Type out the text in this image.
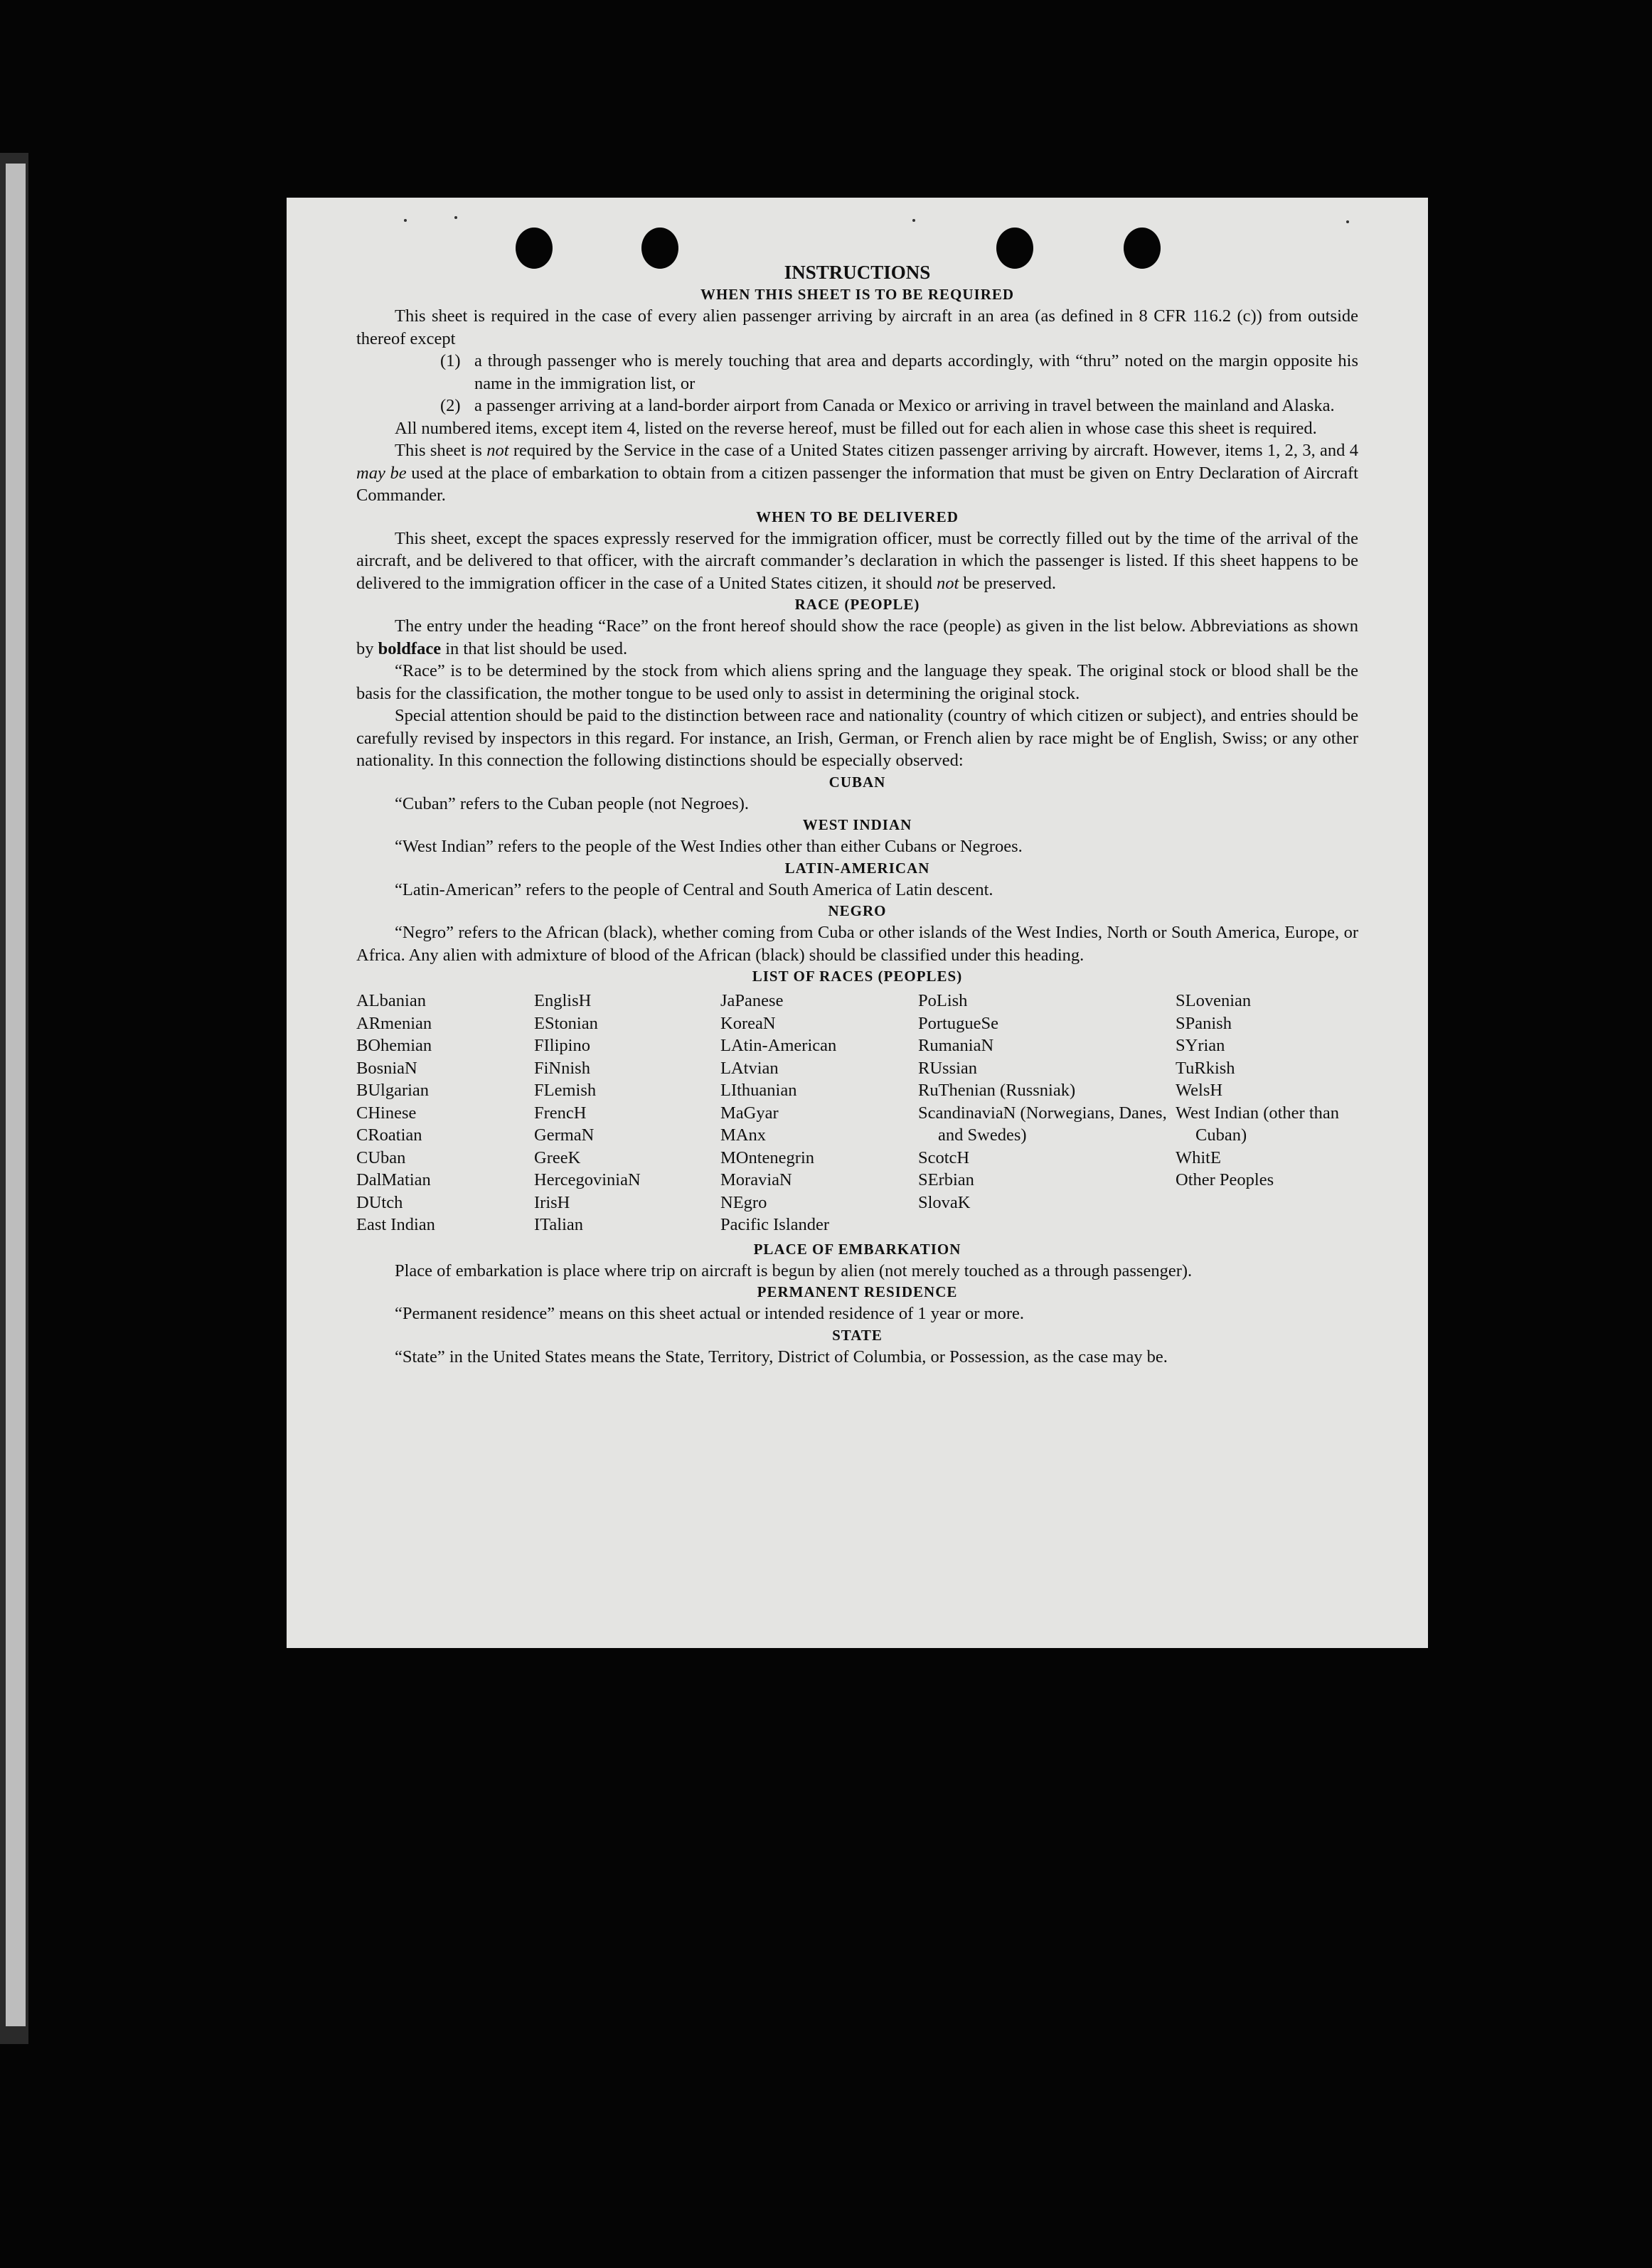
INSTRUCTIONS
WHEN THIS SHEET IS TO BE REQUIRED

This sheet is required in the case of every alien passenger arriving by aircraft in an area (as defined in 8 CFR 116.2 (c)) from outside thereof except

(1) a through passenger who is merely touching that area and departs accordingly, with “thru” noted on the margin opposite his name in the immigration list, or
(2) a passenger arriving at a land-border airport from Canada or Mexico or arriving in travel between the mainland and Alaska.

All numbered items, except item 4, listed on the reverse hereof, must be filled out for each alien in whose case this sheet is required.

This sheet is not required by the Service in the case of a United States citizen passenger arriving by aircraft. However, items 1, 2, 3, and 4 may be used at the place of embarkation to obtain from a citizen passenger the information that must be given on Entry Declaration of Aircraft Commander.

WHEN TO BE DELIVERED

This sheet, except the spaces expressly reserved for the immigration officer, must be correctly filled out by the time of the arrival of the aircraft, and be delivered to that officer, with the aircraft commander’s declaration in which the passenger is listed. If this sheet happens to be delivered to the immigration officer in the case of a United States citizen, it should not be preserved.

RACE (PEOPLE)

The entry under the heading “Race” on the front hereof should show the race (people) as given in the list below. Abbreviations as shown by boldface in that list should be used.

“Race” is to be determined by the stock from which aliens spring and the language they speak. The original stock or blood shall be the basis for the classification, the mother tongue to be used only to assist in determining the original stock.

Special attention should be paid to the distinction between race and nationality (country of which citizen or subject), and entries should be carefully revised by inspectors in this regard. For instance, an Irish, German, or French alien by race might be of English, Swiss; or any other nationality. In this connection the following distinctions should be especially observed:

CUBAN

“Cuban” refers to the Cuban people (not Negroes).

WEST INDIAN

“West Indian” refers to the people of the West Indies other than either Cubans or Negroes.

LATIN-AMERICAN

“Latin-American” refers to the people of Central and South America of Latin descent.

NEGRO

“Negro” refers to the African (black), whether coming from Cuba or other islands of the West Indies, North or South America, Europe, or Africa. Any alien with admixture of blood of the African (black) should be classified under this heading.

LIST OF RACES (PEOPLES)
ALbanian
ARmenian
BOhemian
BosniaN
BUlgarian
CHinese
CRoatian
CUban
DalMatian
DUtch
East Indian
EnglisH
EStonian
FIlipino
FiNnish
FLemish
FrencH
GermaN
GreeK
HercegoviniaN
IrisH
ITalian
JaPanese
KoreaN
LAtin-American
LAtvian
LIthuanian
MaGyar
MAnx
MOntenegrin
MoraviaN
NEgro
Pacific Islander
PoLish
PortugueSe
RumaniaN
RUssian
RuThenian (Russniak)
ScandinaviaN (Norwegians, Danes, and Swedes)
ScotcH
SErbian
SlovaK
SLovenian
SPanish
SYrian
TuRkish
WelsH
West Indian (other than Cuban)
WhitE
Other Peoples
PLACE OF EMBARKATION

Place of embarkation is place where trip on aircraft is begun by alien (not merely touched as a through passenger).

PERMANENT RESIDENCE

“Permanent residence” means on this sheet actual or intended residence of 1 year or more.

STATE

“State” in the United States means the State, Territory, District of Columbia, or Possession, as the case may be.
